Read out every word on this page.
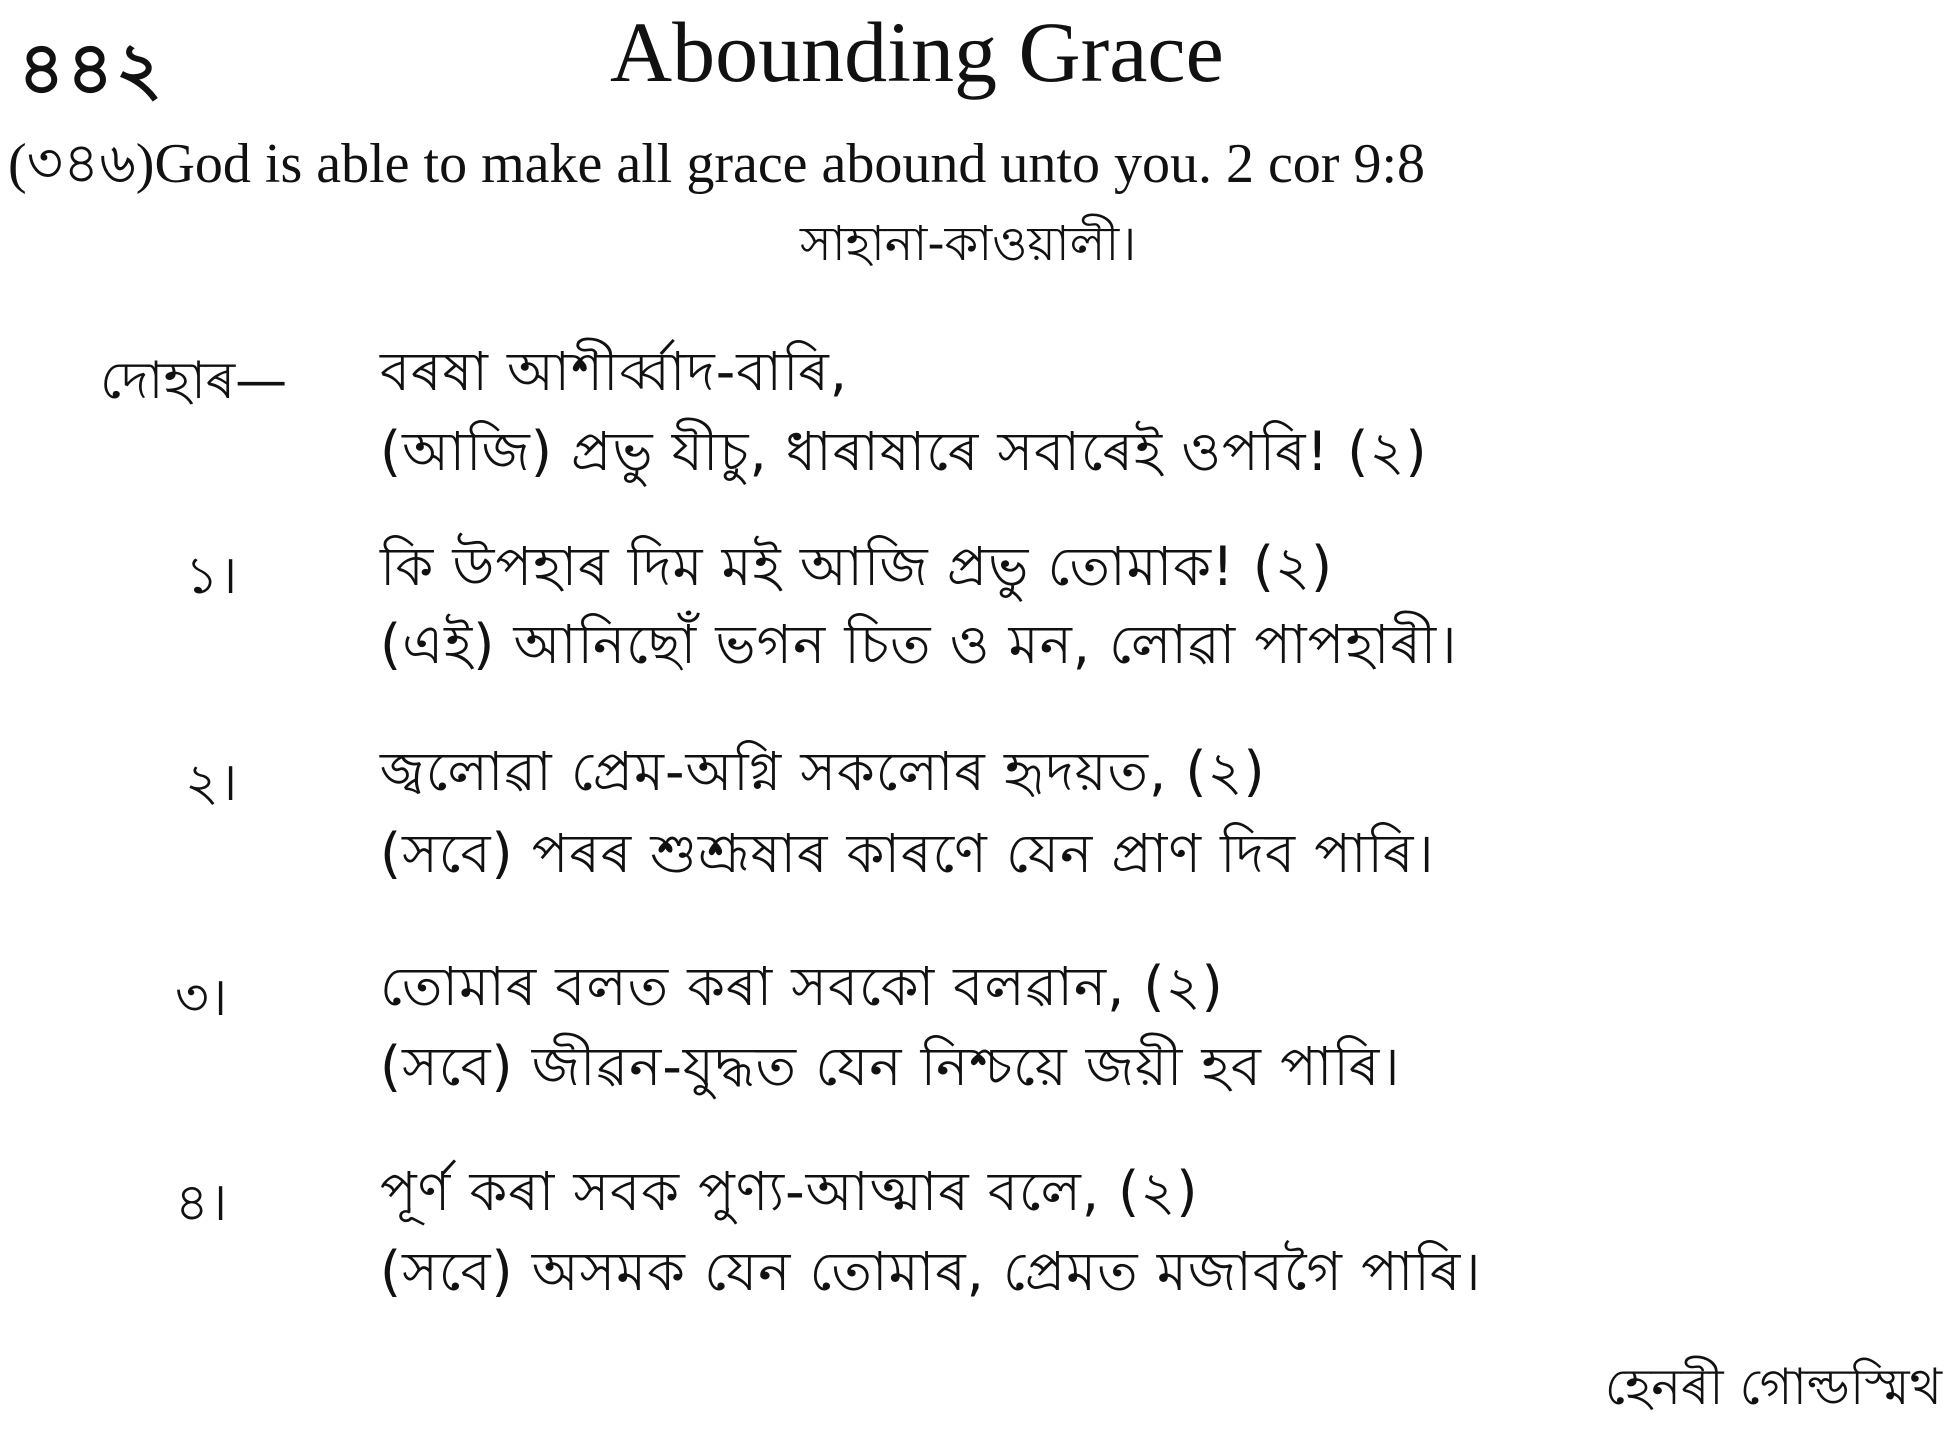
৪৪২	Abounding Grace
(৩৪৬)God is able to make all grace abound unto you. 2 cor 9:8
সাহানা-কাওয়ালী।
দোহাৰ— বৰষা আশীৰ্ব্বাদ-বাৰি,
(আজি) প্ৰভু যীচু, ধাৰাষাৰে সবাৰেই ওপৰি! (২)
১।	কি উপহাৰ দিম মই আজি প্ৰভু তোমাক! (২)
(এই) আনিছোঁ ভগন চিত ও মন, লোৱা পাপহাৰী।
২।	জ্বলোৱা প্ৰেম-অগ্নি সকলোৰ হৃদয়ত, (২)
(সবে) পৰৰ শুশ্ৰূষাৰ কাৰণে যেন প্ৰাণ দিব পাৰি।
৩।	তোমাৰ বলত কৰা সবকো বলৱান, (২)
(সবে) জীৱন-যুদ্ধত যেন নিশ্চয়ে জয়ী হব পাৰি।
৪।	পূৰ্ণ কৰা সবক পুণ্য-আত্মাৰ বলে, (২)
(সবে) অসমক যেন তোমাৰ, প্ৰেমত মজাবগৈ পাৰি।
হেনৰী গোল্ডস্মিথ
